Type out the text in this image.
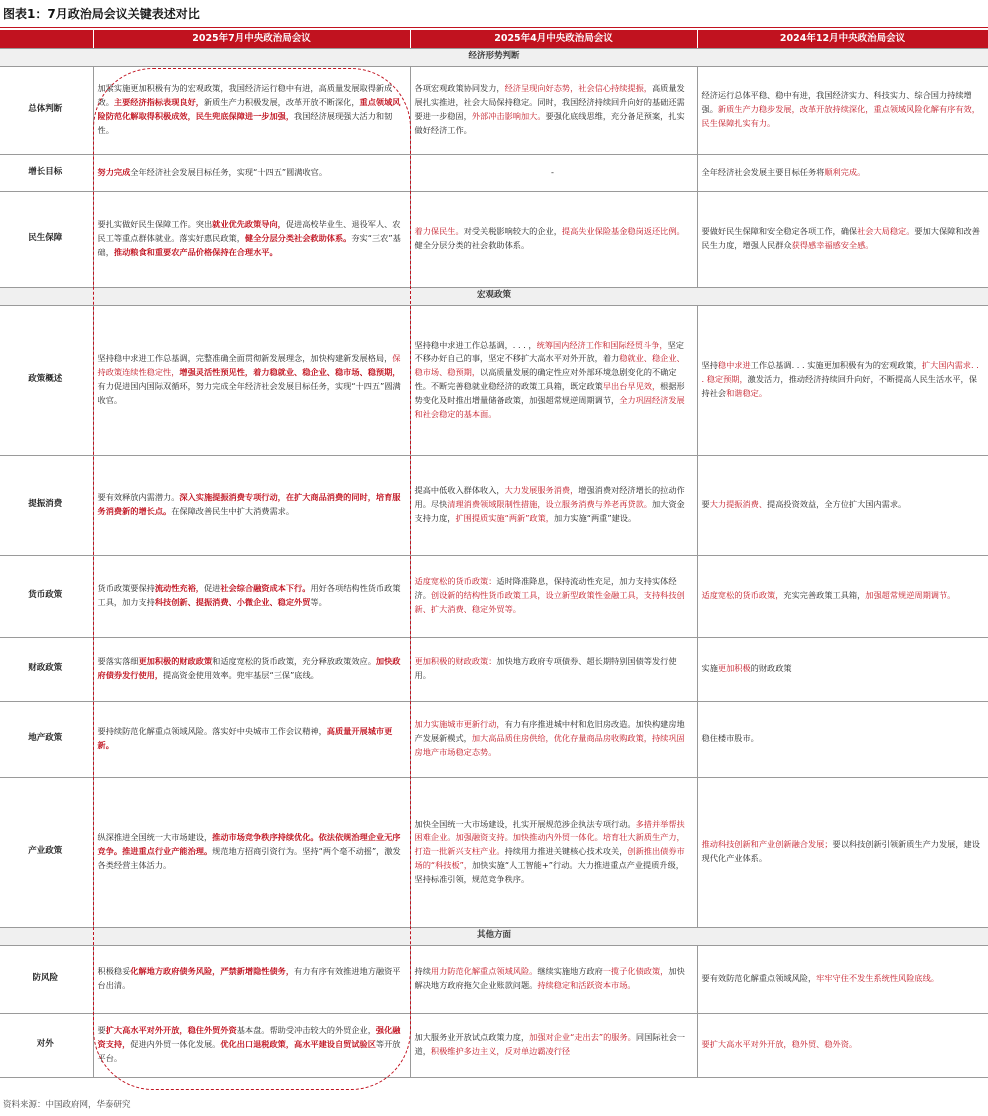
图表1：7月政治局会议关键表述对比
	2025年7月中央政治局会议	2025年4月中央政治局会议	2024年12月中央政治局会议
经济形势判断			
总体判断	加紧实施更加积极有为的宏观政策，我国经济运行稳中有进，高质量发展取得新成效。主要经济指标表现良好，新质生产力积极发展，改革开放不断深化，重点领域风险防范化解取得积极成效，民生兜底保障进一步加强，我国经济展现强大活力和韧性。	各项宏观政策协同发力，经济呈现向好态势，社会信心持续提振，高质量发展扎实推进，社会大局保持稳定。同时，我国经济持续回升向好的基础还需要进一步稳固，外部冲击影响加大。要强化底线思维，充分备足预案，扎实做好经济工作。	经济运行总体平稳、稳中有进，我国经济实力、科技实力、综合国力持续增强。新质生产力稳步发展，改革开放持续深化，重点领域风险化解有序有效，民生保障扎实有力。
增长目标	努力完成全年经济社会发展目标任务，实现“十四五”圆满收官。	-	全年经济社会发展主要目标任务将顺利完成。
民生保障	要扎实做好民生保障工作。突出就业优先政策导向，促进高校毕业生、退役军人、农民工等重点群体就业。落实好惠民政策，健全分层分类社会救助体系。夯实“三农”基础，推动粮食和重要农产品价格保持在合理水平。	着力保民生。对受关税影响较大的企业，提高失业保险基金稳岗返还比例。健全分层分类的社会救助体系。	要做好民生保障和安全稳定各项工作，确保社会大局稳定。要加大保障和改善民生力度，增强人民群众获得感幸福感安全感。
宏观政策			
政策概述	坚持稳中求进工作总基调，完整准确全面贯彻新发展理念，加快构建新发展格局，保持政策连续性稳定性，增强灵活性预见性，着力稳就业、稳企业、稳市场、稳预期，有力促进国内国际双循环，努力完成全年经济社会发展目标任务，实现“十四五”圆满收官。	坚持稳中求进工作总基调，. . . ，统筹国内经济工作和国际经贸斗争，坚定不移办好自己的事，坚定不移扩大高水平对外开放，着力稳就业、稳企业、稳市场、稳预期，以高质量发展的确定性应对外部环境急剧变化的不确定性。不断完善稳就业稳经济的政策工具箱，既定政策早出台早见效，根据形势变化及时推出增量储备政策，加强超常规逆周期调节，全力巩固经济发展和社会稳定的基本面。	坚持稳中求进工作总基调. . . 实施更加积极有为的宏观政策，扩大国内需求. . . 稳定预期，激发活力，推动经济持续回升向好，不断提高人民生活水平，保持社会和谐稳定。
提振消费	要有效释放内需潜力。深入实施提振消费专项行动，在扩大商品消费的同时，培育服务消费新的增长点。在保障改善民生中扩大消费需求。	提高中低收入群体收入，大力发展服务消费，增强消费对经济增长的拉动作用。尽快清理消费领域限制性措施，设立服务消费与养老再贷款。加大资金支持力度，扩围提质实施“两新”政策，加力实施“两重”建设。	要大力提振消费、提高投资效益，全方位扩大国内需求。
货币政策	货币政策要保持流动性充裕，促进社会综合融资成本下行。用好各项结构性货币政策工具，加力支持科技创新、提振消费、小微企业、稳定外贸等。	适度宽松的货币政策：适时降准降息，保持流动性充足，加力支持实体经济。创设新的结构性货币政策工具，设立新型政策性金融工具，支持科技创新、扩大消费、稳定外贸等。	适度宽松的货币政策，充实完善政策工具箱，加强超常规逆周期调节。
财政政策	要落实落细更加积极的财政政策和适度宽松的货币政策，充分释放政策效应。加快政府债券发行使用，提高资金使用效率。兜牢基层“三保”底线。	更加积极的财政政策：加快地方政府专项债券、超长期特别国债等发行使用。	实施更加积极的财政政策
地产政策	要持续防范化解重点领域风险。落实好中央城市工作会议精神，高质量开展城市更新。	加力实施城市更新行动，有力有序推进城中村和危旧房改造。加快构建房地产发展新模式，加大高品质住房供给，优化存量商品房收购政策，持续巩固房地产市场稳定态势。	稳住楼市股市。
产业政策	纵深推进全国统一大市场建设，推动市场竞争秩序持续优化。依法依规治理企业无序竞争。推进重点行业产能治理。规范地方招商引资行为。坚持“两个毫不动摇”，激发各类经营主体活力。	加快全国统一大市场建设，扎实开展规范涉企执法专项行动。多措并举帮扶困难企业。加强融资支持。加快推动内外贸一体化。培育壮大新质生产力，打造一批新兴支柱产业。持续用力推进关键核心技术攻关，创新推出债券市场的“科技板”，加快实施“人工智能+”行动。大力推进重点产业提质升级，坚持标准引领，规范竞争秩序。	推动科技创新和产业创新融合发展；要以科技创新引领新质生产力发展，建设现代化产业体系。
其他方面			
防风险	积极稳妥化解地方政府债务风险，严禁新增隐性债务，有力有序有效推进地方融资平台出清。	持续用力防范化解重点领域风险。继续实施地方政府一揽子化债政策，加快解决地方政府拖欠企业账款问题。持续稳定和活跃资本市场。	要有效防范化解重点领域风险，牢牢守住不发生系统性风险底线。
对外	要扩大高水平对外开放，稳住外贸外资基本盘。帮助受冲击较大的外贸企业，强化融资支持，促进内外贸一体化发展。优化出口退税政策，高水平建设自贸试验区等开放平台。	加大服务业开放试点政策力度，加强对企业“走出去”的服务。同国际社会一道，积极维护多边主义，反对单边霸凌行径	要扩大高水平对外开放，稳外贸、稳外资。
资料来源：中国政府网，华泰研究
